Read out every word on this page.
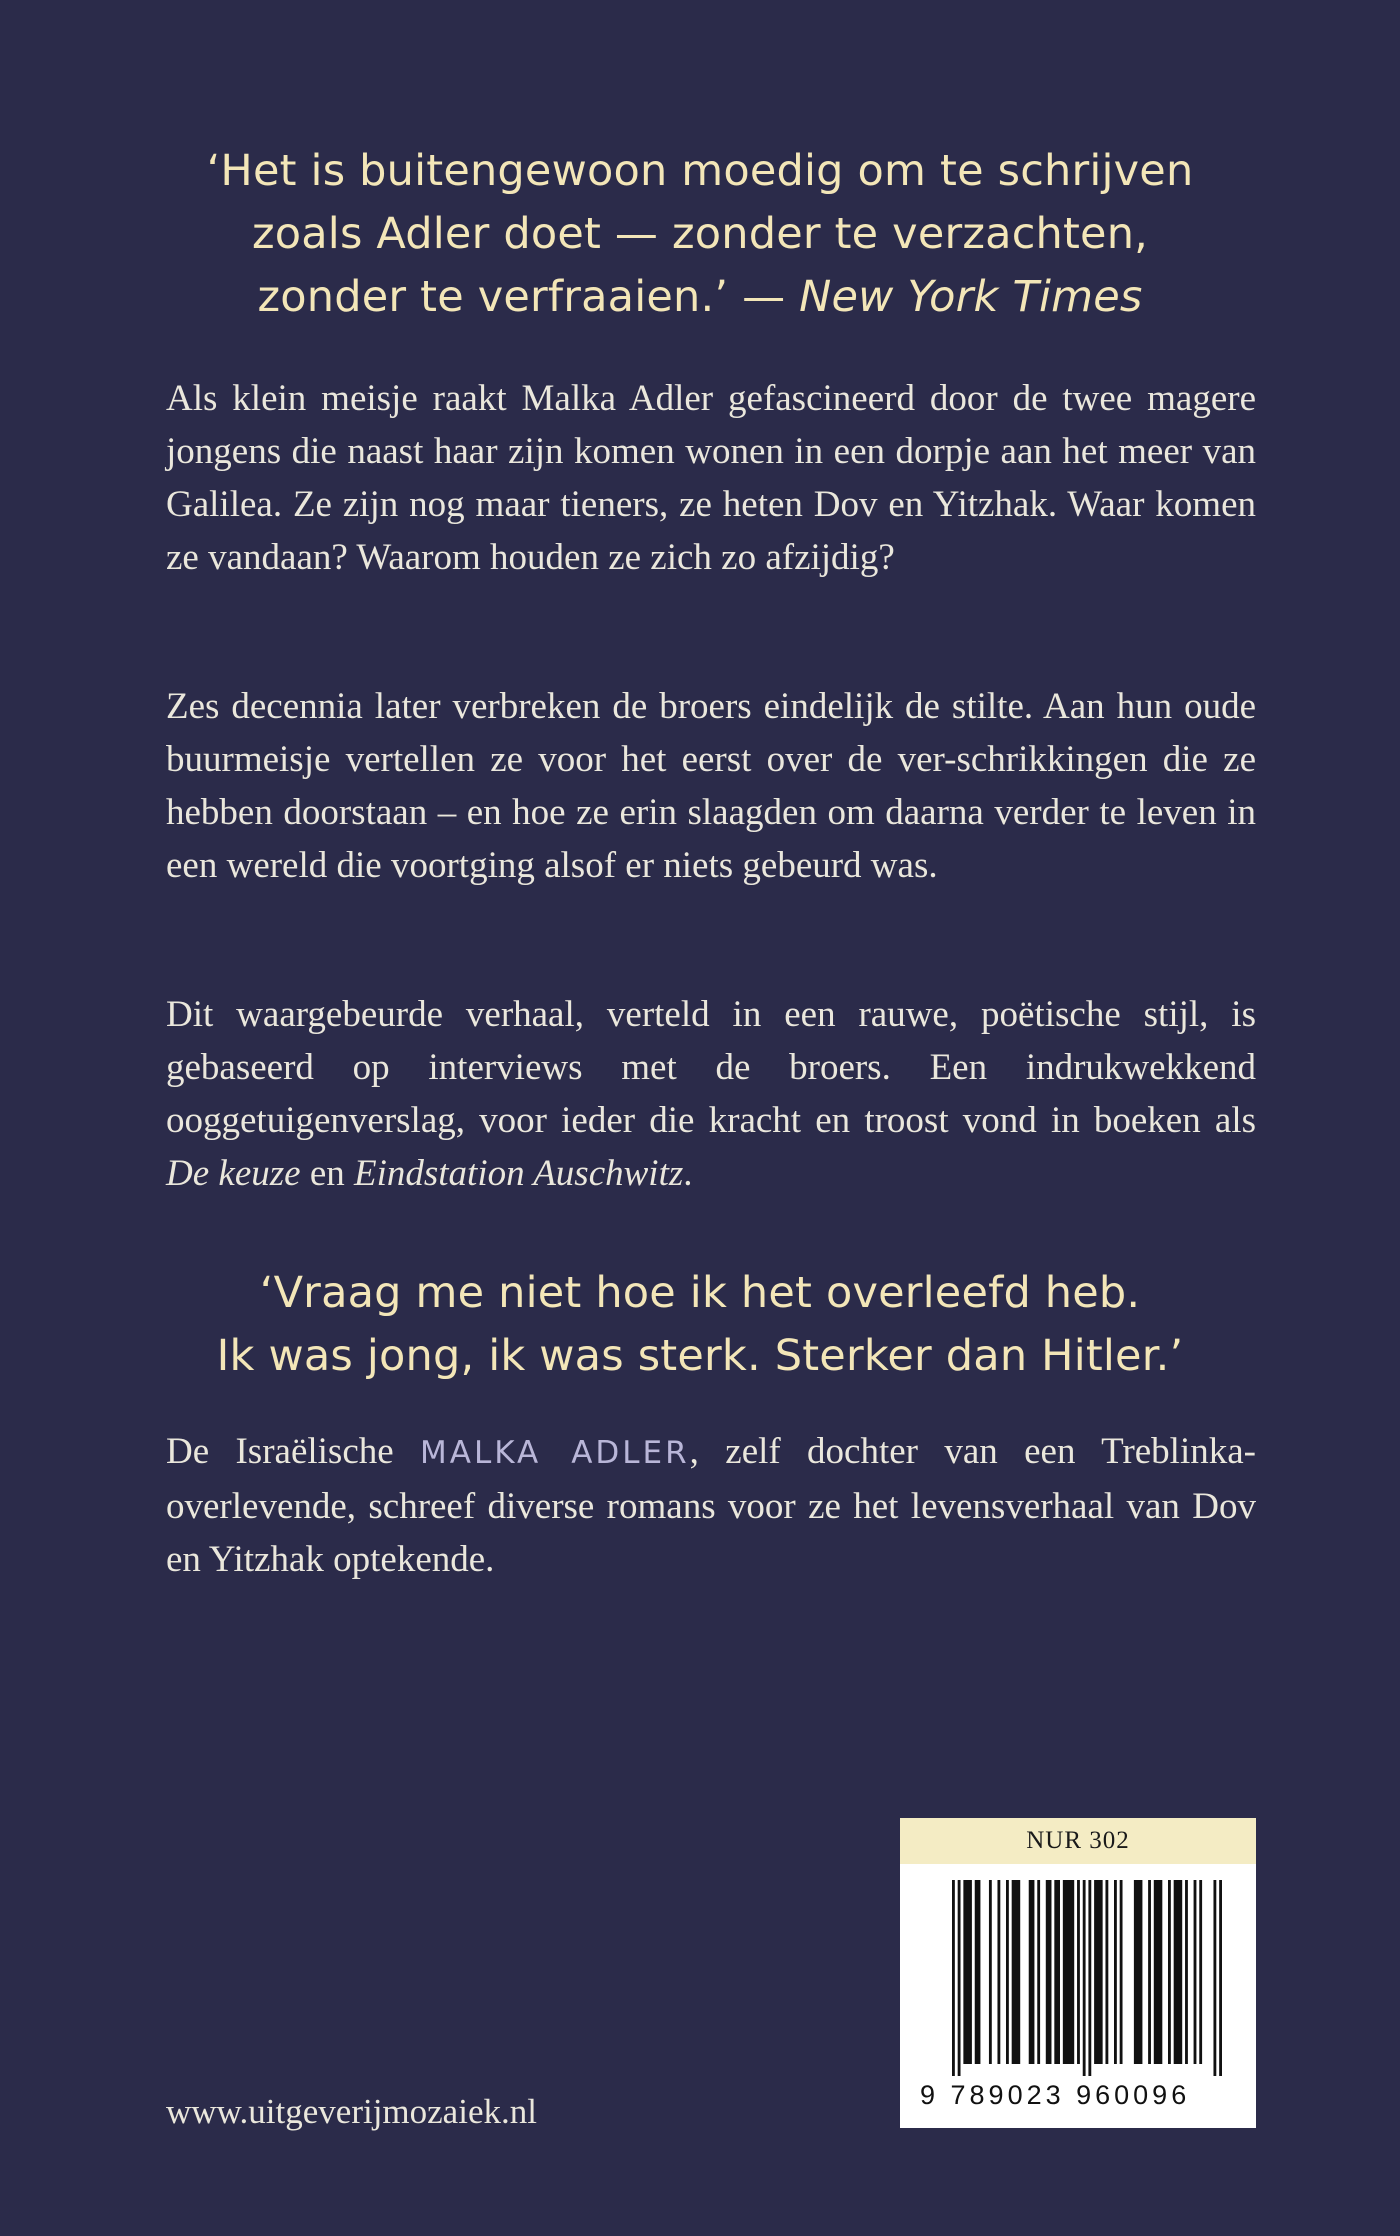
‘Het is buitengewoon moedig om te schrijven
zoals Adler doet — zonder te verzachten,
zonder te verfraaien.’ — New York Times
Als klein meisje raakt Malka Adler gefascineerd door de twee magere jongens die naast haar zijn komen wonen in een dorpje aan het meer van Galilea. Ze zijn nog maar tieners, ze heten Dov en Yitzhak. Waar komen ze vandaan? Waarom houden ze zich zo afzijdig?
Zes decennia later verbreken de broers eindelijk de stilte. Aan hun oude buurmeisje vertellen ze voor het eerst over de ver-schrikkingen die ze hebben doorstaan – en hoe ze erin slaagden om daarna verder te leven in een wereld die voortging alsof er niets gebeurd was.
Dit waargebeurde verhaal, verteld in een rauwe, poëtische stijl, is gebaseerd op interviews met de broers. Een indrukwekkend ooggetuigenverslag, voor ieder die kracht en troost vond in boeken als De keuze en Eindstation Auschwitz.
‘Vraag me niet hoe ik het overleefd heb.
Ik was jong, ik was sterk. Sterker dan Hitler.’
De Israëlische MALKA ADLER, zelf dochter van een Treblinka-overlevende, schreef diverse romans voor ze het levensverhaal van Dov en Yitzhak optekende.
www.uitgeverijmozaiek.nl
NUR 302
9 789023 960096
